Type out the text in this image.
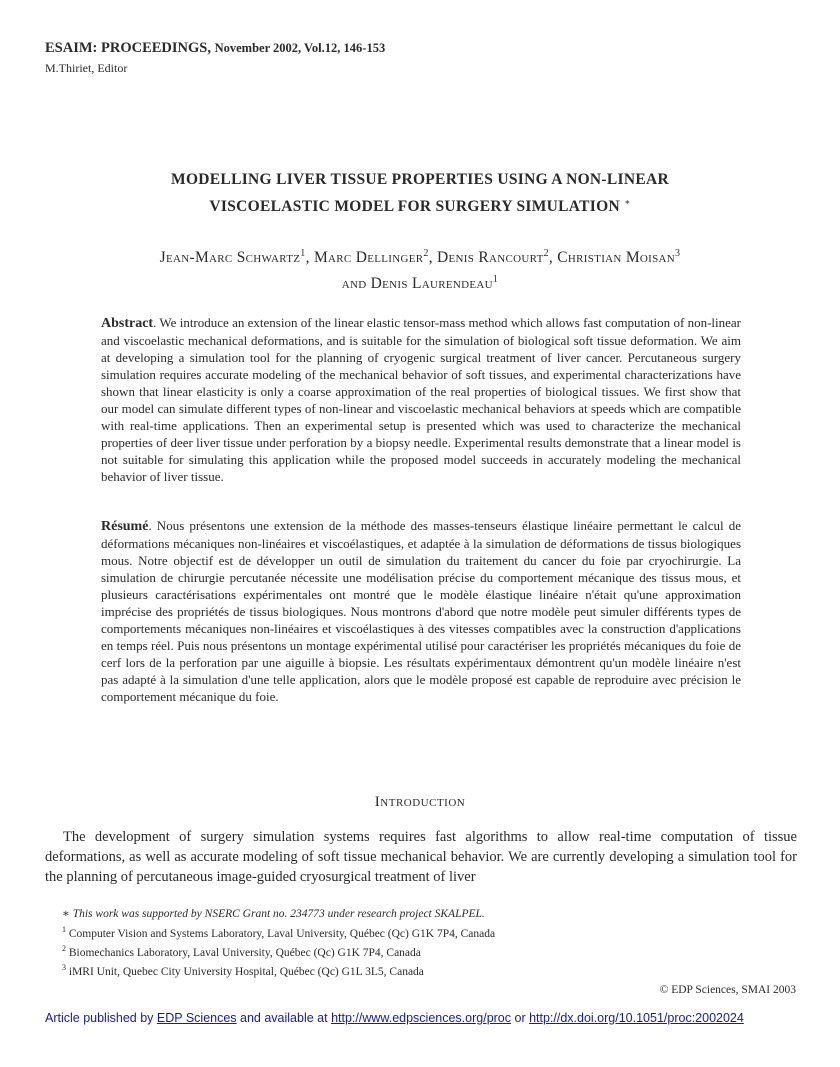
ESAIM: PROCEEDINGS, November 2002, Vol.12, 146-153
M.Thiriet, Editor
MODELLING LIVER TISSUE PROPERTIES USING A NON-LINEAR
VISCOELASTIC MODEL FOR SURGERY SIMULATION ∗
Jean-Marc Schwartz$^1$, Marc Dellinger$^2$, Denis Rancourt$^2$, Christian Moisan$^3$
and Denis Laurendeau$^1$
Abstract. We introduce an extension of the linear elastic tensor-mass method which allows fast computation of non-linear and viscoelastic mechanical deformations, and is suitable for the simulation of biological soft tissue deformation. We aim at developing a simulation tool for the planning of cryogenic surgical treatment of liver cancer. Percutaneous surgery simulation requires accurate modeling of the mechanical behavior of soft tissues, and experimental characterizations have shown that linear elasticity is only a coarse approximation of the real properties of biological tissues. We first show that our model can simulate different types of non-linear and viscoelastic mechanical behaviors at speeds which are compatible with real-time applications. Then an experimental setup is presented which was used to characterize the mechanical properties of deer liver tissue under perforation by a biopsy needle. Experimental results demonstrate that a linear model is not suitable for simulating this application while the proposed model succeeds in accurately modeling the mechanical behavior of liver tissue.
Résumé. Nous présentons une extension de la méthode des masses-tenseurs élastique linéaire permettant le calcul de déformations mécaniques non-linéaires et viscoélastiques, et adaptée à la simulation de déformations de tissus biologiques mous. Notre objectif est de développer un outil de simulation du traitement du cancer du foie par cryochirurgie. La simulation de chirurgie percutanée nécessite une modélisation précise du comportement mécanique des tissus mous, et plusieurs caractérisations expérimentales ont montré que le modèle élastique linéaire n'était qu'une approximation imprécise des propriétés de tissus biologiques. Nous montrons d'abord que notre modèle peut simuler différents types de comportements mécaniques non-linéaires et viscoélastiques à des vitesses compatibles avec la construction d'applications en temps réel. Puis nous présentons un montage expérimental utilisé pour caractériser les propriétés mécaniques du foie de cerf lors de la perforation par une aiguille à biopsie. Les résultats expérimentaux démontrent qu'un modèle linéaire n'est pas adapté à la simulation d'une telle application, alors que le modèle proposé est capable de reproduire avec précision le comportement mécanique du foie.
Introduction
The development of surgery simulation systems requires fast algorithms to allow real-time computation of tissue deformations, as well as accurate modeling of soft tissue mechanical behavior. We are currently developing a simulation tool for the planning of percutaneous image-guided cryosurgical treatment of liver
∗ This work was supported by NSERC Grant no. 234773 under research project SKALPEL.
$^1$ Computer Vision and Systems Laboratory, Laval University, Québec (Qc) G1K 7P4, Canada
$^2$ Biomechanics Laboratory, Laval University, Québec (Qc) G1K 7P4, Canada
$^3$ iMRI Unit, Quebec City University Hospital, Québec (Qc) G1L 3L5, Canada
© EDP Sciences, SMAI 2003
Article published by EDP Sciences and available at http://www.edpsciences.org/proc or http://dx.doi.org/10.1051/proc:2002024
